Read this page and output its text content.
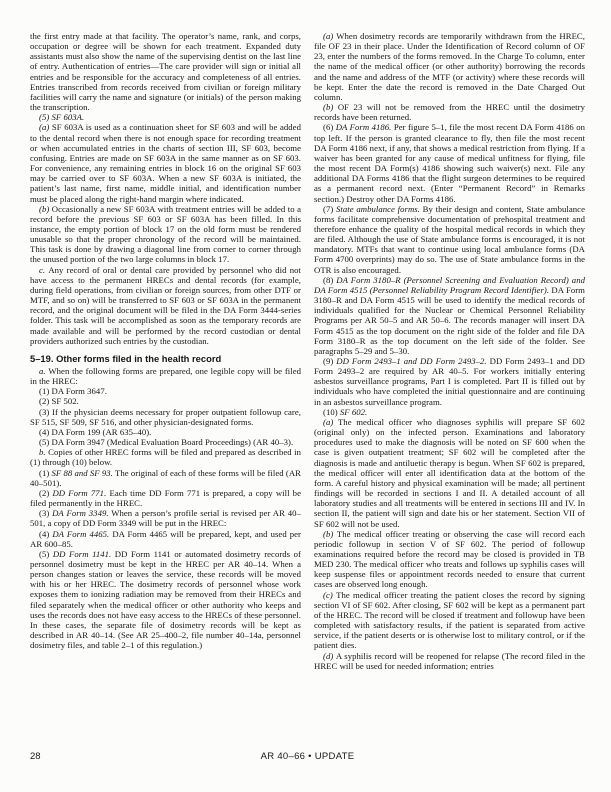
the first entry made at that facility. The operator’s name, rank, and corps, occupation or degree will be shown for each treatment. Expanded duty assistants must also show the name of the supervising dentist on the last line of entry. Authentication of entries—The care provider will sign or initial all entries and be responsible for the accuracy and completeness of all entries. Entries transcribed from records received from civilian or foreign military facilities will carry the name and signature (or initials) of the person making the transcription.

(5) SF 603A.

(a) SF 603A is used as a continuation sheet for SF 603 and will be added to the dental record when there is not enough space for recording treatment or when accumulated entries in the charts of section III, SF 603, become confusing. Entries are made on SF 603A in the same manner as on SF 603. For convenience, any remaining entries in block 16 on the original SF 603 may be carried over to SF 603A. When a new SF 603A is initiated, the patient’s last name, first name, middle initial, and identification number must be placed along the right-hand margin where indicated.

(b) Occasionally a new SF 603A with treatment entries will be added to a record before the previous SF 603 or SF 603A has been filled. In this instance, the empty portion of block 17 on the old form must be rendered unusable so that the proper chronology of the record will be maintained. This task is done by drawing a diagonal line from corner to corner through the unused portion of the two large columns in block 17.

c. Any record of oral or dental care provided by personnel who did not have access to the permanent HRECs and dental records (for example, during field operations, from civilian or foreign sources, from other DTF or MTF, and so on) will be transferred to SF 603 or SF 603A in the permanent record, and the original document will be filed in the DA Form 3444-series folder. This task will be accomplished as soon as the temporary records are made available and will be performed by the record custodian or dental providers authorized such entries by the custodian.

5–19. Other forms filed in the health record

a. When the following forms are prepared, one legible copy will be filed in the HREC:

(1) DA Form 3647.

(2) SF 502.

(3) If the physician deems necessary for proper outpatient followup care, SF 515, SF 509, SF 516, and other physician-designated forms.

(4) DA Form 199 (AR 635–40).

(5) DA Form 3947 (Medical Evaluation Board Proceedings) (AR 40–3).

b. Copies of other HREC forms will be filed and prepared as described in (1) through (10) below.

(1) SF 88 and SF 93. The original of each of these forms will be filed (AR 40–501).

(2) DD Form 771. Each time DD Form 771 is prepared, a copy will be filed permanently in the HREC.

(3) DA Form 3349. When a person’s profile serial is revised per AR 40–501, a copy of DD Form 3349 will be put in the HREC:

(4) DA Form 4465. DA Form 4465 will be prepared, kept, and used per AR 600–85.

(5) DD Form 1141. DD Form 1141 or automated dosimetry records of personnel dosimetry must be kept in the HREC per AR 40–14. When a person changes station or leaves the service, these records will be moved with his or her HREC. The dosimetry records of personnel whose work exposes them to ionizing radiation may be removed from their HRECs and filed separately when the medical officer or other authority who keeps and uses the records does not have easy access to the HRECs of these personnel. In these cases, the separate file of dosimetry records will be kept as described in AR 40–14. (See AR 25–400–2, file number 40–14a, personnel dosimetry files, and table 2–1 of this regulation.)

(a) When dosimetry records are temporarily withdrawn from the HREC, file OF 23 in their place. Under the Identification of Record column of OF 23, enter the numbers of the forms removed. In the Charge To column, enter the name of the medical officer (or other authority) borrowing the records and the name and address of the MTF (or activity) where these records will be kept. Enter the date the record is removed in the Date Charged Out column.

(b) OF 23 will not be removed from the HREC until the dosimetry records have been returned.

(6) DA Form 4186. Per figure 5–1, file the most recent DA Form 4186 on top left. If the person is granted clearance to fly, then file the most recent DA Form 4186 next, if any, that shows a medical restriction from flying. If a waiver has been granted for any cause of medical unfitness for flying, file the most recent DA Form(s) 4186 showing such waiver(s) next. File any additional DA Forms 4186 that the flight surgeon determines to be required as a permanent record next. (Enter “Permanent Record” in Remarks section.) Destroy other DA Forms 4186.

(7) State ambulance forms. By their design and content, State ambulance forms facilitate comprehensive documentation of prehospital treatment and therefore enhance the quality of the hospital medical records in which they are filed. Although the use of State ambulance forms is encouraged, it is not mandatory. MTFs that want to continue using local ambulance forms (DA Form 4700 overprints) may do so. The use of State ambulance forms in the OTR is also encouraged.

(8) DA Form 3180–R (Personnel Screening and Evaluation Record) and DA Form 4515 (Personnel Reliability Program Record Identifier). DA Form 3180–R and DA Form 4515 will be used to identify the medical records of individuals qualified for the Nuclear or Chemical Personnel Reliability Programs per AR 50–5 and AR 50–6. The records manager will insert DA Form 4515 as the top document on the right side of the folder and file DA Form 3180–R as the top document on the left side of the folder. See paragraphs 5–29 and 5–30.

(9) DD Form 2493–1 and DD Form 2493–2. DD Form 2493–1 and DD Form 2493–2 are required by AR 40–5. For workers initially entering asbestos surveillance programs, Part I is completed. Part II is filled out by individuals who have completed the initial questionnaire and are continuing in an asbestos surveillance program.

(10) SF 602.

(a) The medical officer who diagnoses syphilis will prepare SF 602 (original only) on the infected person. Examinations and laboratory procedures used to make the diagnosis will be noted on SF 600 when the case is given outpatient treatment; SF 602 will be completed after the diagnosis is made and antiluetic therapy is begun. When SF 602 is prepared, the medical officer will enter all identification data at the bottom of the form. A careful history and physical examination will be made; all pertinent findings will be recorded in sections I and II. A detailed account of all laboratory studies and all treatments will be entered in sections III and IV. In section II, the patient will sign and date his or her statement. Section VII of SF 602 will not be used.

(b) The medical officer treating or observing the case will record each periodic followup in section V of SF 602. The period of followup examinations required before the record may be closed is provided in TB MED 230. The medical officer who treats and follows up syphilis cases will keep suspense files or appointment records needed to ensure that current cases are observed long enough.

(c) The medical officer treating the patient closes the record by signing section VI of SF 602. After closing, SF 602 will be kept as a permanent part of the HREC. The record will be closed if treatment and followup have been completed with satisfactory results, if the patient is separated from active service, if the patient deserts or is otherwise lost to military control, or if the patient dies.

(d) A syphilis record will be reopened for relapse (The record filed in the HREC will be used for needed information; entries

28	AR 40–66 • UPDATE
